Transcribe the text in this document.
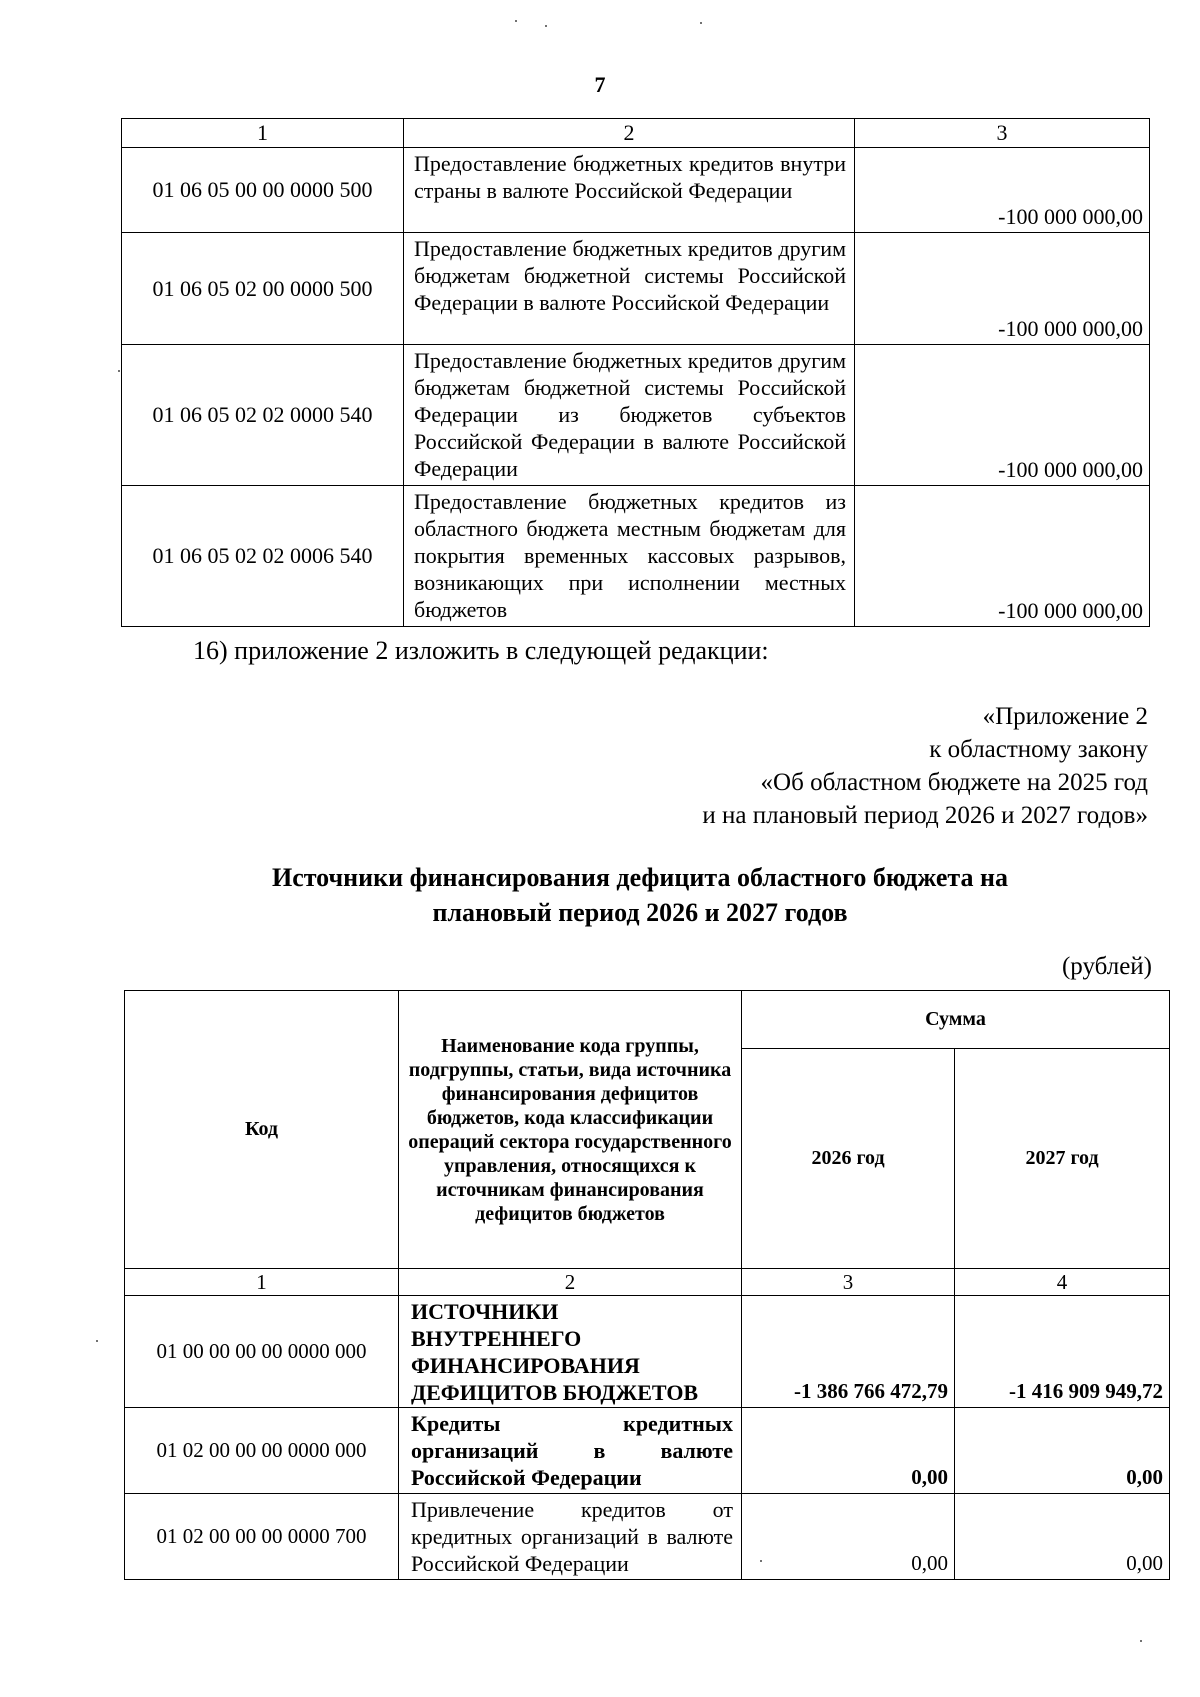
7
1	2	3
01 06 05 00 00 0000 500	Предоставление бюджетных кредитов внутри страны в валюте Российской Федерации	-100 000 000,00
01 06 05 02 00 0000 500	Предоставление бюджетных кредитов другим бюджетам бюджетной системы Российской Федерации в валюте Российской Федерации	-100 000 000,00
01 06 05 02 02 0000 540	Предоставление бюджетных кредитов другим бюджетам бюджетной системы Российской Федерации из бюджетов субъектов Российской Федерации в валюте Российской Федерации	-100 000 000,00
01 06 05 02 02 0006 540	Предоставление бюджетных кредитов из областного бюджета местным бюджетам для покрытия временных кассовых разрывов, возникающих при исполнении местных бюджетов	-100 000 000,00
16) приложение 2 изложить в следующей редакции:
«Приложение 2
к областному закону
«Об областном бюджете на 2025 год
и на плановый период 2026 и 2027 годов»
Источники финансирования дефицита областного бюджета на
плановый период 2026 и 2027 годов
(рублей)
Код	Наименование кода группы, подгруппы, статьи, вида источника финансирования дефицитов бюджетов, кода классификации операций сектора государственного управления, относящихся к источникам финансирования дефицитов бюджетов	Сумма	
		2026 год	2027 год
1	2	3	4
01 00 00 00 00 0000 000	ИСТОЧНИКИ ВНУТРЕННЕГО ФИНАНСИРОВАНИЯ ДЕФИЦИТОВ БЮДЖЕТОВ	-1 386 766 472,79	-1 416 909 949,72
01 02 00 00 00 0000 000	Кредиты кредитных организаций в валюте Российской Федерации	0,00	0,00
01 02 00 00 00 0000 700	Привлечение кредитов от кредитных организаций в валюте Российской Федерации	0,00	0,00
